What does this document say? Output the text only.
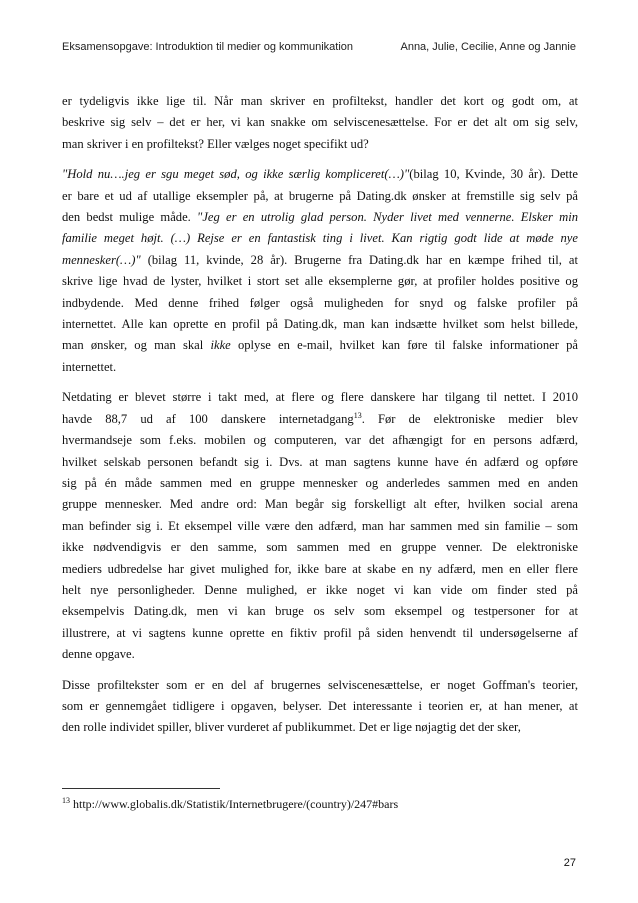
Eksamensopgave: Introduktion til medier og kommunikation	Anna, Julie, Cecilie, Anne og Jannie

er tydeligvis ikke lige til. Når man skriver en profiltekst, handler det kort og godt om, at
beskrive sig selv – det er her, vi kan snakke om selviscenesættelse. For er det alt om sig selv,
man skriver i en profiltekst? Eller vælges noget specifikt ud?

"Hold nu….jeg er sgu meget sød, og ikke særlig kompliceret(…)"(bilag 10, Kvinde, 30 år). Dette
er bare et ud af utallige eksempler på, at brugerne på Dating.dk ønsker at fremstille sig selv på
den bedst mulige måde. "Jeg er en utrolig glad person. Nyder livet med vennerne. Elsker min
familie meget højt. (…) Rejse er en fantastisk ting i livet. Kan rigtig godt lide at møde nye
mennesker(…)" (bilag 11, kvinde, 28 år). Brugerne fra Dating.dk har en kæmpe frihed til, at
skrive lige hvad de lyster, hvilket i stort set alle eksemplerne gør, at profiler holdes positive og
indbydende. Med denne frihed følger også muligheden for snyd og falske profiler på
internettet. Alle kan oprette en profil på Dating.dk, man kan indsætte hvilket som helst billede,
man ønsker, og man skal ikke oplyse en e-mail, hvilket kan føre til falske informationer på
internettet.

Netdating er blevet større i takt med, at flere og flere danskere har tilgang til nettet. I 2010
havde 88,7 ud af 100 danskere internetadgang$^{13}$. Før de elektroniske medier blev
hvermandseje som f.eks. mobilen og computeren, var det afhængigt for en persons adfærd,
hvilket selskab personen befandt sig i. Dvs. at man sagtens kunne have én adfærd og opføre
sig på én måde sammen med en gruppe mennesker og anderledes sammen med en anden
gruppe mennesker. Med andre ord: Man begår sig forskelligt alt efter, hvilken social arena
man befinder sig i. Et eksempel ville være den adfærd, man har sammen med sin familie – som
ikke nødvendigvis er den samme, som sammen med en gruppe venner. De elektroniske
mediers udbredelse har givet mulighed for, ikke bare at skabe en ny adfærd, men en eller flere
helt nye personligheder. Denne mulighed, er ikke noget vi kan vide om finder sted på
eksempelvis Dating.dk, men vi kan bruge os selv som eksempel og testpersoner for at
illustrere, at vi sagtens kunne oprette en fiktiv profil på siden henvendt til undersøgelserne af
denne opgave.

Disse profiltekster som er en del af brugernes selviscenesættelse, er noget Goffman's teorier,
som er gennemgået tidligere i opgaven, belyser. Det interessante i teorien er, at han mener, at
den rolle individet spiller, bliver vurderet af publikummet. Det er lige nøjagtig det der sker,

$^{13}$ http://www.globalis.dk/Statistik/Internetbrugere/(country)/247#bars
27
